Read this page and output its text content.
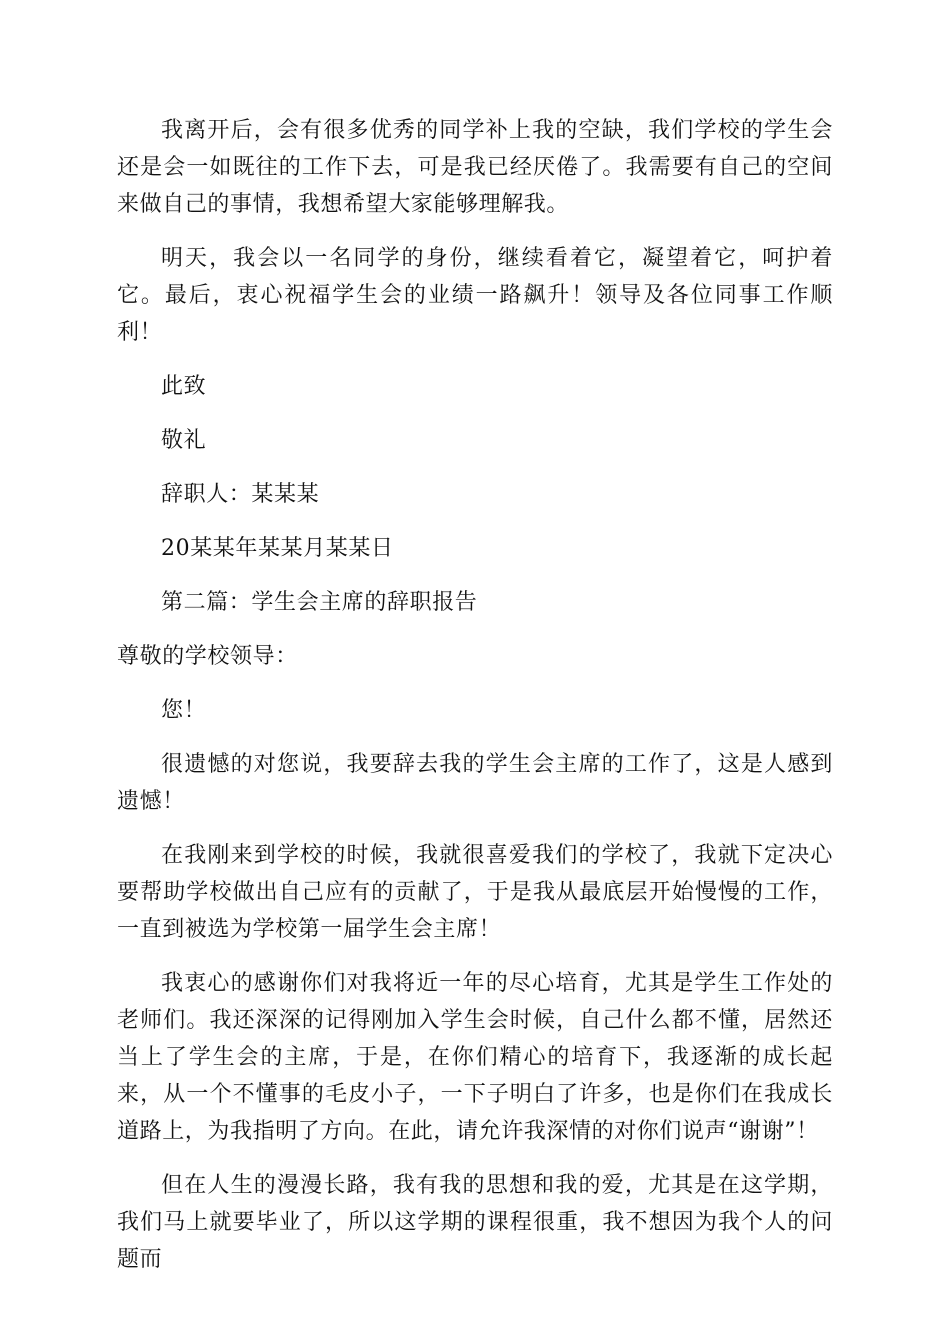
我离开后，会有很多优秀的同学补上我的空缺，我们学校的学生会还是会一如既往的工作下去，可是我已经厌倦了。我需要有自己的空间来做自己的事情，我想希望大家能够理解我。

明天，我会以一名同学的身份，继续看着它，凝望着它，呵护着它。最后，衷心祝福学生会的业绩一路飙升！领导及各位同事工作顺利！

此致

敬礼

辞职人：某某某

20某某年某某月某某日

第二篇：学生会主席的辞职报告

尊敬的学校领导：

您！

很遗憾的对您说，我要辞去我的学生会主席的工作了，这是人感到遗憾！

在我刚来到学校的时候，我就很喜爱我们的学校了，我就下定决心要帮助学校做出自己应有的贡献了，于是我从最底层开始慢慢的工作，一直到被选为学校第一届学生会主席！

我衷心的感谢你们对我将近一年的尽心培育，尤其是学生工作处的老师们。我还深深的记得刚加入学生会时候，自己什么都不懂，居然还当上了学生会的主席，于是，在你们精心的培育下，我逐渐的成长起来，从一个不懂事的毛皮小子，一下子明白了许多，也是你们在我成长道路上，为我指明了方向。在此，请允许我深情的对你们说声“谢谢”！

但在人生的漫漫长路，我有我的思想和我的爱，尤其是在这学期，我们马上就要毕业了，所以这学期的课程很重，我不想因为我个人的问题而
